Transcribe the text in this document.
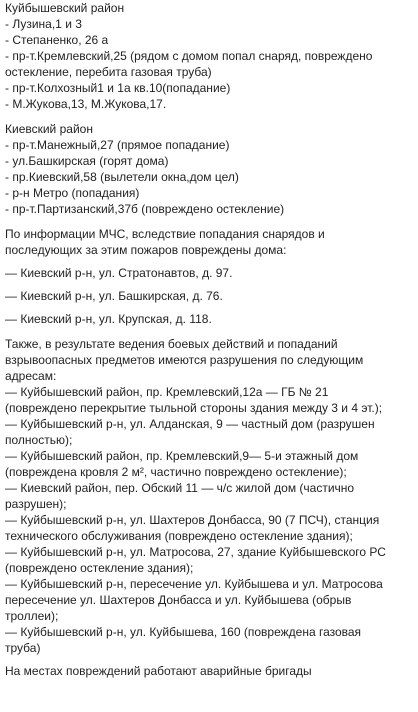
Куйбышевский район
- Лузина,1 и 3
- Степаненко, 26 а
- пр-т.Кремлевский,25 (рядом с домом попал снаряд, повреждено
остекление, перебита газовая труба)
- пр-т.Колхозный1 и 1а кв.10(попадание)
- М.Жукова,13, М.Жукова,17.
Киевский район
- пр-т.Манежный,27 (прямое попадание)
- ул.Башкирская (горят дома)
- пр.Киевский,58 (вылетели окна,дом цел)
- р-н Метро (попадания)
- пр-т.Партизанский,37б (повреждено остекление)
По информации МЧС, вследствие попадания снарядов и
последующих за этим пожаров повреждены дома:
— Киевский р-н, ул. Стратонавтов, д. 97.
— Киевский р-н, ул. Башкирская, д. 76.
— Киевский р-н, ул. Крупская, д. 118.
Также, в результате ведения боевых действий и попаданий
взрывоопасных предметов имеются разрушения по следующим
адресам:
— Куйбышевский район, пр. Кремлевский,12а — ГБ № 21
(повреждено перекрытие тыльной стороны здания между 3 и 4 эт.);
— Куйбышевский р-н, ул. Алданская, 9 — частный дом (разрушен
полностью);
— Куйбышевский район, пр. Кремлевский,9— 5-и этажный дом
(повреждена кровля 2 м², частично повреждено остекление);
— Киевский район, пер. Обский 11 — ч/с жилой дом (частично
разрушен);
— Куйбышевский р-н, ул. Шахтеров Донбасса, 90 (7 ПСЧ), станция
технического обслуживания (повреждено остекление здания);
— Куйбышевский р-н, ул. Матросова, 27, здание Куйбышевского РС
(повреждено остекление здания);
— Куйбышевский р-н, пересечение ул. Куйбышева и ул. Матросова
пересечение ул. Шахтеров Донбасса и ул. Куйбышева (обрыв
троллеи);
— Куйбышевский р-н, ул. Куйбышева, 160 (повреждена газовая
труба)
На местах повреждений работают аварийные бригады
